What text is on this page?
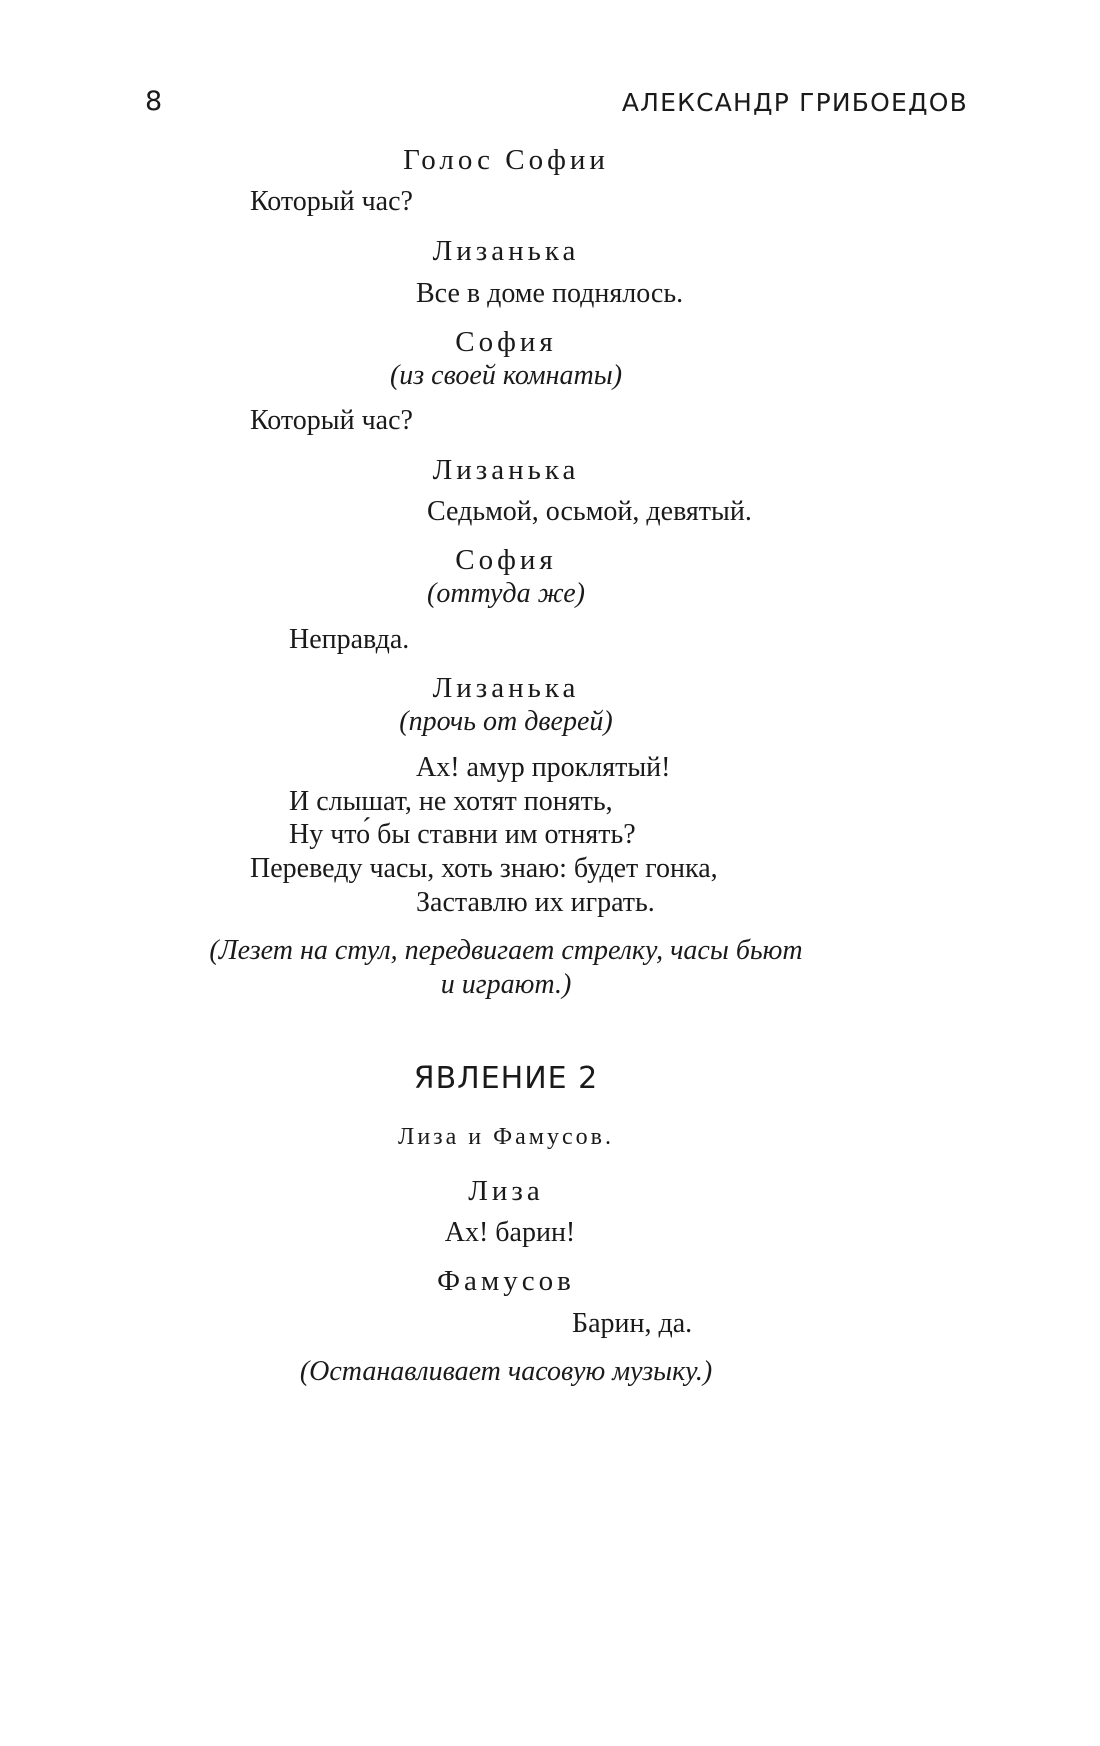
8	АЛЕКСАНДР ГРИБОЕДОВ
Голос Софии
Который час?
Лизанька
Все в доме поднялось.
София
(из своей комнаты)
Который час?
Лизанька
Седьмой, осьмой, девятый.
София
(оттуда же)
Неправда.
Лизанька
(прочь от дверей)
Ах! амур проклятый!
И слышат, не хотят понять,
Ну что́ бы ставни им отнять?
Переведу часы, хоть знаю: будет гонка,
Заставлю их играть.
(Лезет на стул, передвигает стрелку, часы бьют
и играют.)
ЯВЛЕНИЕ 2
Лиза и Фамусов.
Лиза
Ах! барин!
Фамусов
Барин, да.
(Останавливает часовую музыку.)
